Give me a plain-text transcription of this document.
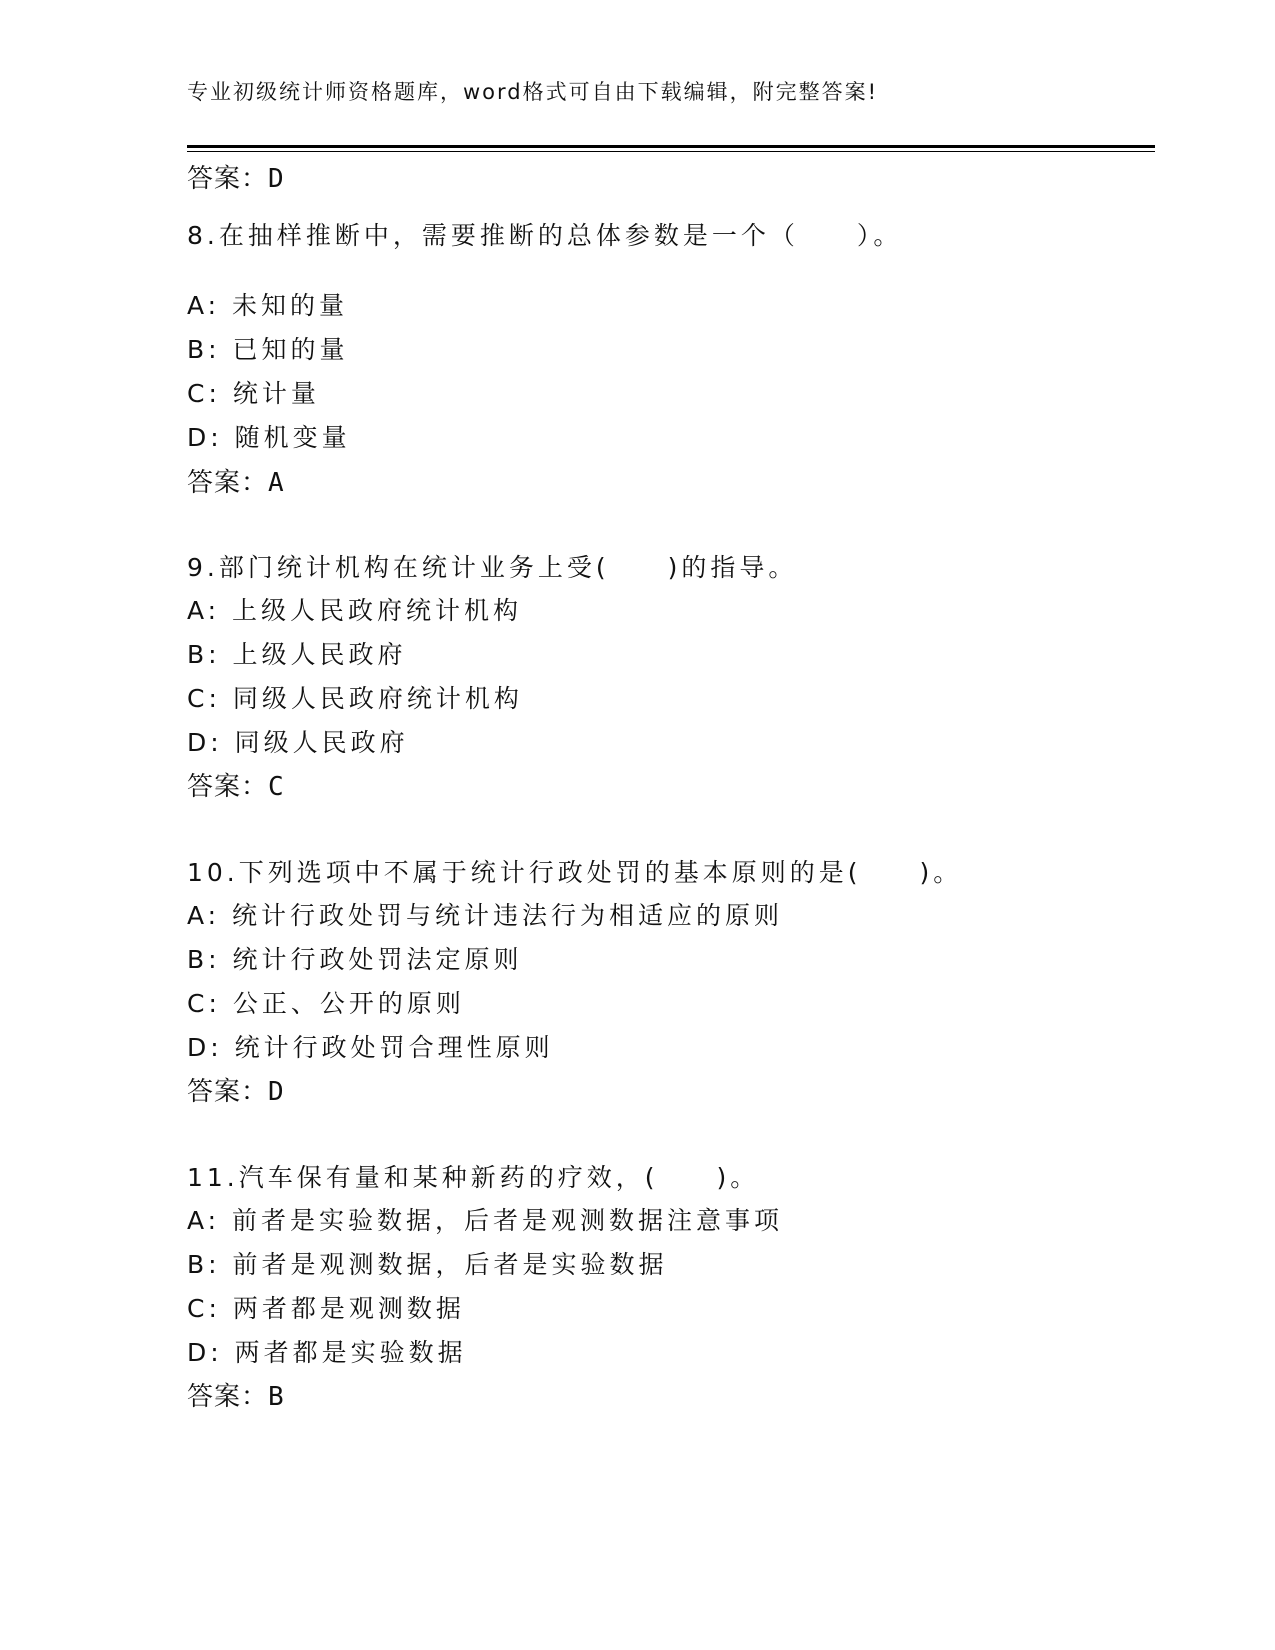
专业初级统计师资格题库，word格式可自由下载编辑，附完整答案!
答案：D
8.在抽样推断中，需要推断的总体参数是一个（　　）。
A: 未知的量
B: 已知的量
C: 统计量
D: 随机变量
答案：A
9.部门统计机构在统计业务上受(　　)的指导。
A: 上级人民政府统计机构
B: 上级人民政府
C: 同级人民政府统计机构
D: 同级人民政府
答案：C
10.下列选项中不属于统计行政处罚的基本原则的是(　　)。
A: 统计行政处罚与统计违法行为相适应的原则
B: 统计行政处罚法定原则
C: 公正、公开的原则
D: 统计行政处罚合理性原则
答案：D
11.汽车保有量和某种新药的疗效，(　　)。
A: 前者是实验数据，后者是观测数据注意事项
B: 前者是观测数据，后者是实验数据
C: 两者都是观测数据
D: 两者都是实验数据
答案：B
